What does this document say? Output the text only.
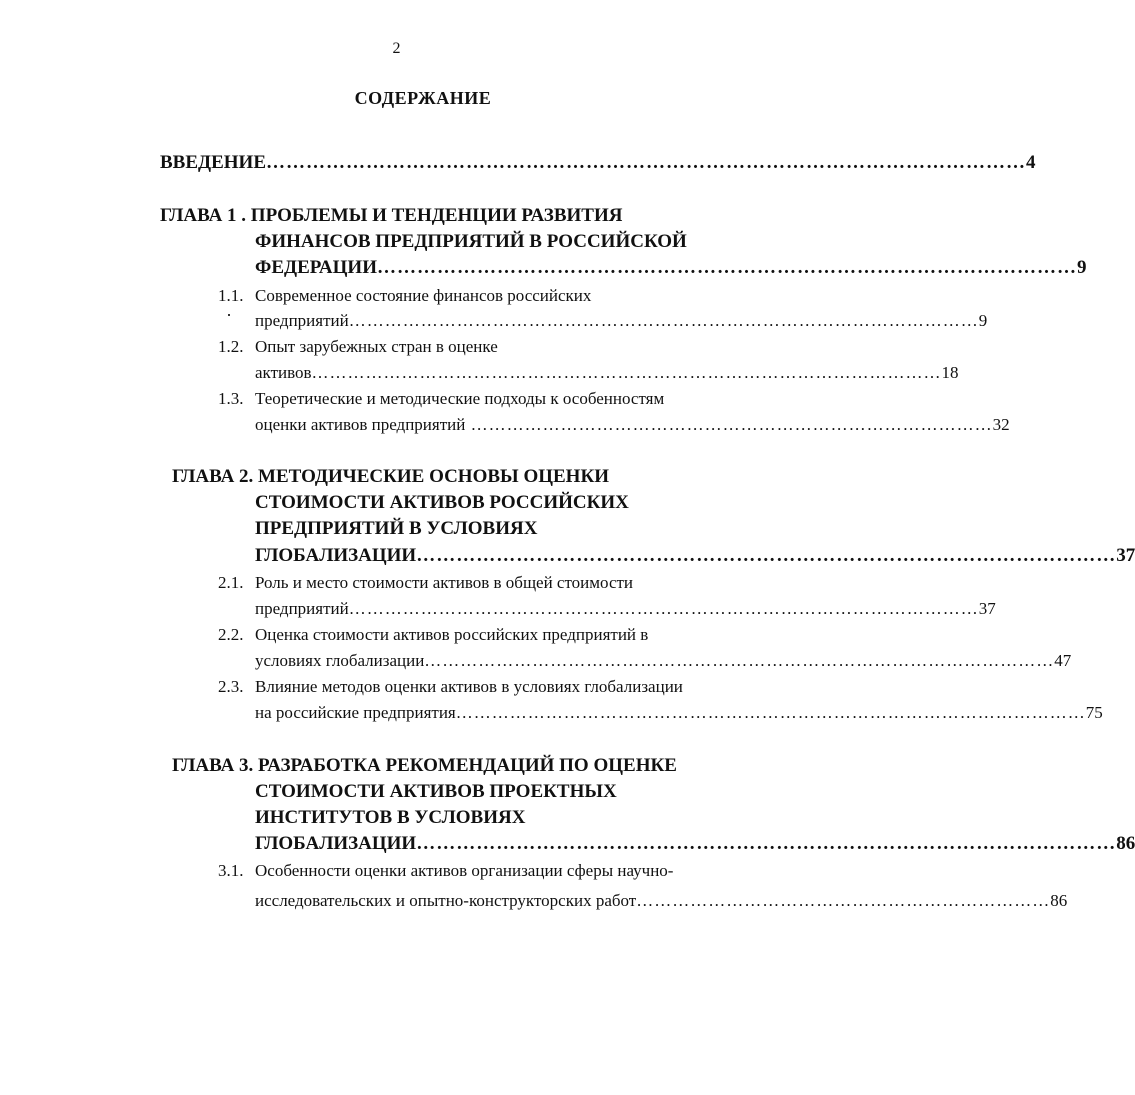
2
СОДЕРЖАНИЕ
ВВЕДЕНИЕ …………………………………………………………………………………………………… 4
ГЛАВА 1 . ПРОБЛЕМЫ И ТЕНДЕНЦИИ РАЗВИТИЯ
ФИНАНСОВ ПРЕДПРИЯТИЙ В РОССИЙСКОЙ
ФЕДЕРАЦИИ …………………………………………………………………………………………… 9
1.1. Современное состояние финансов российских
предприятий …………………………………………………………………………………………… 9
1.2. Опыт зарубежных стран в оценке
активов …………………………………………………………………………………………… 18
1.3. Теоретические и методические подходы к особенностям
оценки активов предприятий …………………………………………………………………………… 32
ГЛАВА 2. МЕТОДИЧЕСКИЕ ОСНОВЫ ОЦЕНКИ
СТОИМОСТИ АКТИВОВ РОССИЙСКИХ
ПРЕДПРИЯТИЙ В УСЛОВИЯХ
ГЛОБАЛИЗАЦИИ …………………………………………………………………………………………… 37
2.1. Роль и место стоимости активов в общей стоимости
предприятий …………………………………………………………………………………………… 37
2.2. Оценка стоимости активов российских предприятий в
условиях глобализации …………………………………………………………………………………………… 47
2.3. Влияние методов оценки активов в условиях глобализации
на российские предприятия …………………………………………………………………………………………… 75
ГЛАВА 3. РАЗРАБОТКА РЕКОМЕНДАЦИЙ ПО ОЦЕНКЕ
СТОИМОСТИ АКТИВОВ ПРОЕКТНЫХ
ИНСТИТУТОВ В УСЛОВИЯХ
ГЛОБАЛИЗАЦИИ …………………………………………………………………………………………… 86
3.1. Особенности оценки активов организации сферы научно-
исследовательских и опытно-конструкторских работ …………………………………………………………… 86
